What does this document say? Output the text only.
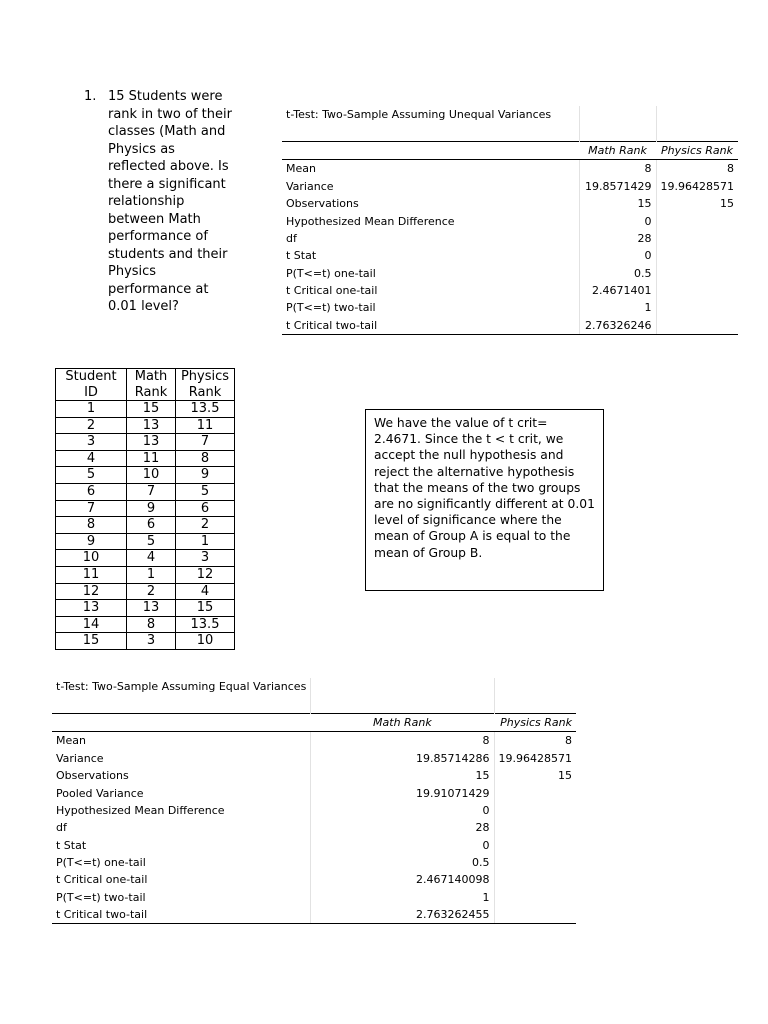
1. 15 Students were rank in two of their classes (Math and Physics as reflected above. Is there a significant relationship between Math performance of students and their Physics performance at 0.01 level?
t-Test: Two-Sample Assuming Unequal Variances		

	Math Rank	Physics Rank
Mean	8	8
Variance	19.8571429	19.96428571
Observations	15	15
Hypothesized Mean Difference	0	
df	28	
t Stat	0	
P(T<=t) one-tail	0.5	
t Critical one-tail	2.4671401	
P(T<=t) two-tail	1	
t Critical two-tail	2.76326246	
Student ID	Math Rank	Physics Rank
1	15	13.5
2	13	11
3	13	7
4	11	8
5	10	9
6	7	5
7	9	6
8	6	2
9	5	1
10	4	3
11	1	12
12	2	4
13	13	15
14	8	13.5
15	3	10
We have the value of t crit= 2.4671. Since the t < t crit, we accept the null hypothesis and reject the alternative hypothesis that the means of the two groups are no significantly different at 0.01 level of significance where the mean of Group A is equal to the mean of Group B.
t-Test: Two-Sample Assuming Equal Variances		

	Math Rank	Physics Rank
Mean	8	8
Variance	19.85714286	19.96428571
Observations	15	15
Pooled Variance	19.91071429	
Hypothesized Mean Difference	0	
df	28	
t Stat	0	
P(T<=t) one-tail	0.5	
t Critical one-tail	2.467140098	
P(T<=t) two-tail	1	
t Critical two-tail	2.763262455	
